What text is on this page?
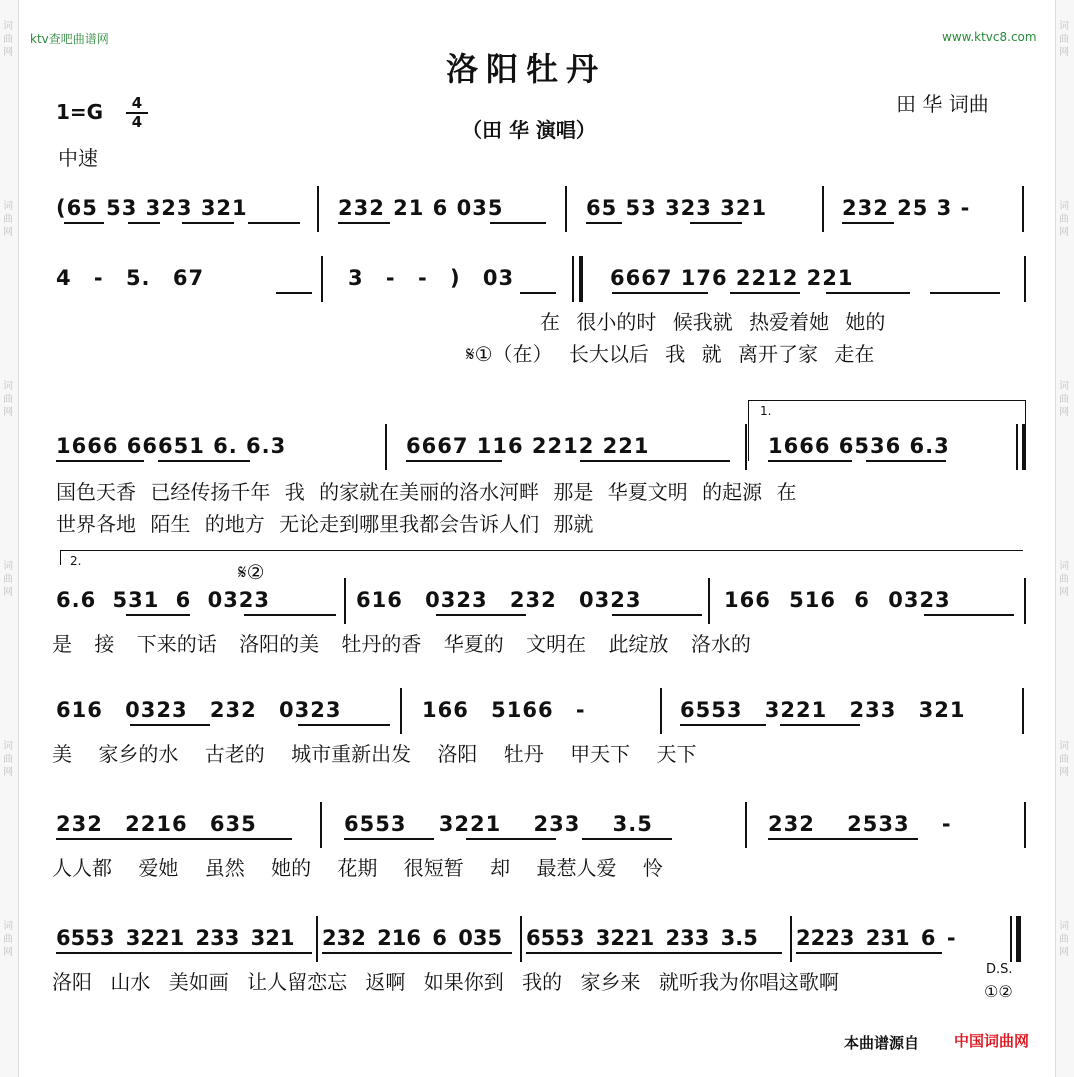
词曲网
词曲网
词曲网
词曲网
词曲网
词曲网
词曲网
词曲网
词曲网
词曲网
词曲网
词曲网
ktv查吧曲谱网	www.ktvc8.com
洛阳牡丹
田 华 词曲
1=G	4
4	（田 华 演唱）
中速
(65 53 323 321	232 21 6 035	65 53 323 321	232 25 3 -
4 - 5. 67	3 - - ) 03	6667 176 2212 221
在 很小的时 候我就 热爱着她 她的
𝄋①（在） 长大以后 我 就 离开了家 走在
1.
1666 66651 6. 6.3	6667 116 2212 221	1666 6536 6.3
国色天香 已经传扬千年 我 的家就在美丽的洛水河畔 那是 华夏文明 的起源 在
世界各地 陌生 的地方 无论走到哪里我都会告诉人们 那就
2.	𝄋②
6.6 531 6 0323	616 0323 232 0323	166 516 6 0323
是 接 下来的话 洛阳的美 牡丹的香 华夏的 文明在 此绽放 洛水的
616 0323 232 0323	166 5166 -	6553 3221 233 321
美 家乡的水 古老的 城市重新出发 洛阳 牡丹 甲天下 天下
232 2216 635	6553 3221 233 3.5	232 2533 -
人人都 爱她 虽然 她的 花期 很短暂 却 最惹人爱 怜
6553 3221 233 321 232 216 6 035 6553 3221 233 3.5 2223 231 6 -
洛阳 山水 美如画 让人留恋忘 返啊 如果你到 我的 家乡来 就听我为你唱这歌啊
D.S.
①②
本曲谱源自 中国词曲网
